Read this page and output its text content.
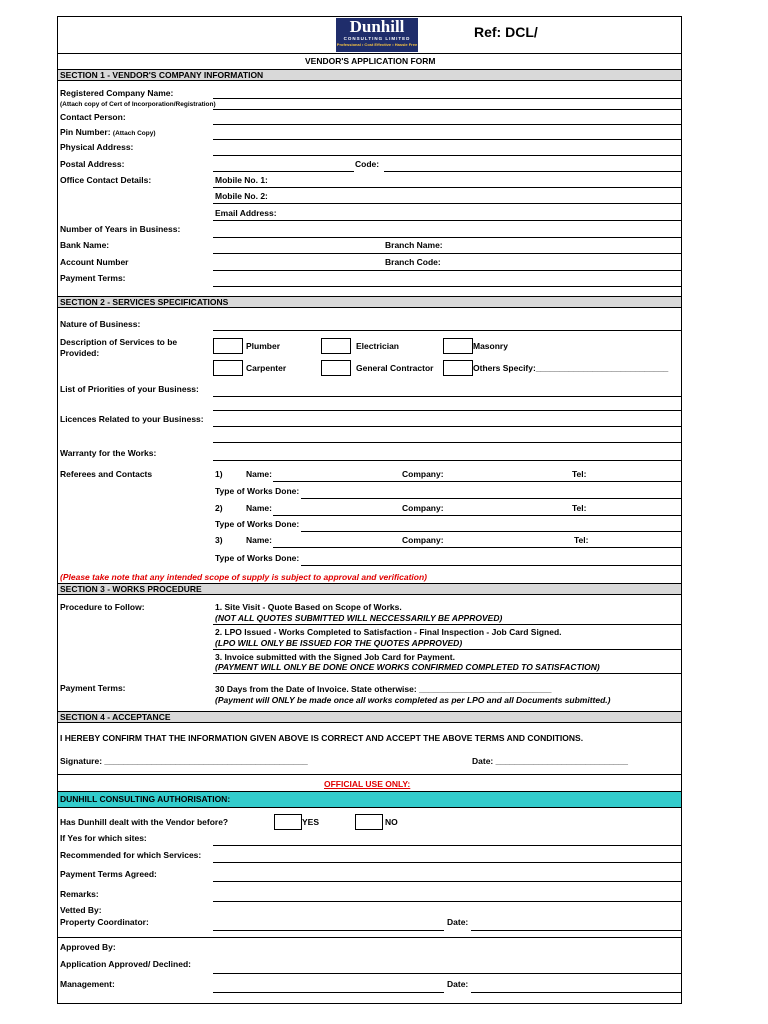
Dunhill
CONSULTING LIMITED
Professional • Cost Effective • Hassle Free
Ref: DCL/
VENDOR'S APPLICATION FORM
SECTION 1 - VENDOR'S COMPANY INFORMATION
Registered Company Name:
(Attach copy of Cert of Incorporation/Registration)
Contact Person:
Pin Number: (Attach Copy)
Physical Address:
Postal Address:	Code:
Office Contact Details:	Mobile No. 1:
Mobile No. 2:
Email Address:
Number of Years in Business:
Bank Name:	Branch Name:
Account Number	Branch Code:
Payment Terms:
SECTION 2 - SERVICES SPECIFICATIONS
Nature of Business:
Description of Services to be
Provided:
Plumber	Electrician	Masonry
Carpenter	General Contractor	Others Specify:____________________________
List of Priorities of your Business:
Licences Related to your Business:
Warranty for the Works:
Referees and Contacts	1)	Name:	Company:	Tel:
Type of Works Done:
2)	Name:	Company:	Tel:
Type of Works Done:
3)	Name:	Company:	Tel:
Type of Works Done:
(Please take note that any intended scope of supply is subject to approval and verification)
SECTION 3 - WORKS PROCEDURE
Procedure to Follow:	1. Site Visit - Quote Based on Scope of Works.
(NOT ALL QUOTES SUBMITTED WILL NECCESSARILY BE APPROVED)
2. LPO Issued - Works Completed to Satisfaction - Final Inspection - Job Card Signed.
(LPO WILL ONLY BE ISSUED FOR THE QUOTES APPROVED)
3. Invoice submitted with the Signed Job Card for Payment.
(PAYMENT WILL ONLY BE DONE ONCE WORKS CONFIRMED COMPLETED TO SATISFACTION)
Payment Terms:	30 Days from the Date of Invoice. State otherwise: ____________________________
(Payment will ONLY be made once all works completed as per LPO and all Documents submitted.)
SECTION 4 - ACCEPTANCE
I HEREBY CONFIRM THAT THE INFORMATION GIVEN ABOVE IS CORRECT AND ACCEPT THE ABOVE TERMS AND CONDITIONS.
Signature: ___________________________________________	Date: ____________________________
OFFICIAL USE ONLY:
DUNHILL CONSULTING AUTHORISATION:
Has Dunhill dealt with the Vendor before?	YES	NO
If Yes for which sites:
Recommended for which Services:
Payment Terms Agreed:
Remarks:
Vetted By:
Property Coordinator:	Date:
Approved By:
Application Approved/ Declined:
Management:	Date:
